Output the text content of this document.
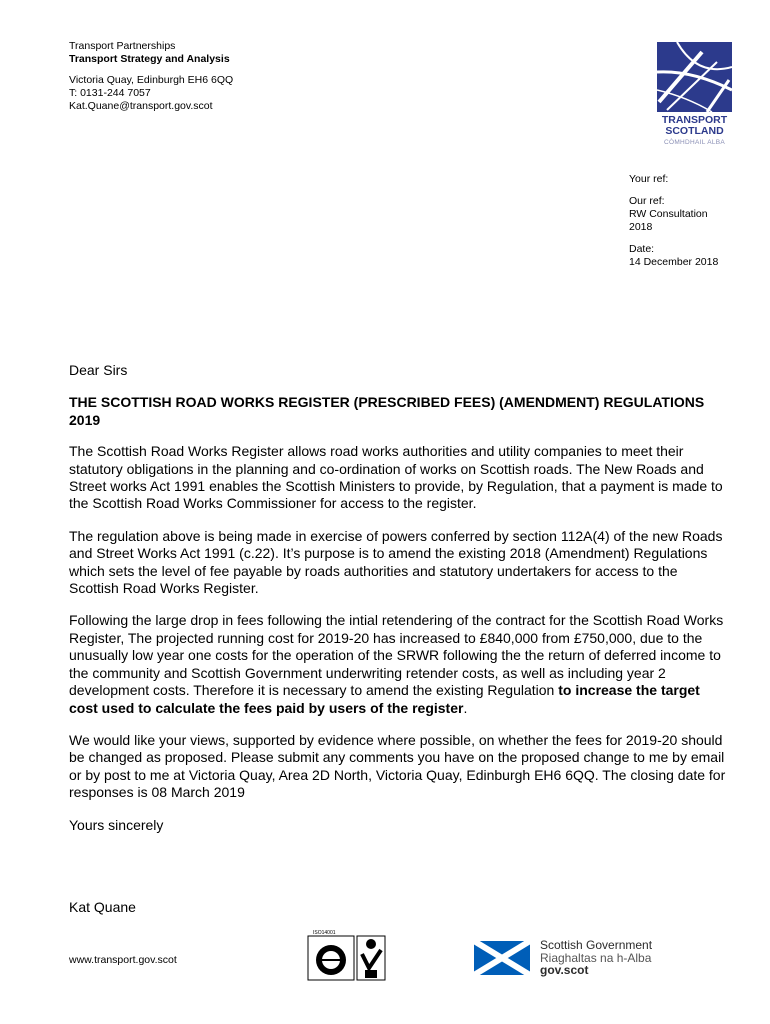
Transport Partnerships
Transport Strategy and Analysis
Victoria Quay, Edinburgh EH6 6QQ
T: 0131-244 7057
Kat.Quane@transport.gov.scot
TRANSPORT
SCOTLAND
CÒMHDHAIL ALBA
Your ref:
Our ref:
RW Consultation
2018
Date:
14 December 2018

Dear Sirs

THE SCOTTISH ROAD WORKS REGISTER (PRESCRIBED FEES) (AMENDMENT) REGULATIONS 2019

The Scottish Road Works Register allows road works authorities and utility companies to meet their statutory obligations in the planning and co-ordination of works on Scottish roads. The New Roads and Street works Act 1991 enables the Scottish Ministers to provide, by Regulation, that a payment is made to the Scottish Road Works Commissioner for access to the register.

The regulation above is being made in exercise of powers conferred by section 112A(4) of the new Roads and Street Works Act 1991 (c.22). It’s purpose is to amend the existing 2018 (Amendment) Regulations which sets the level of fee payable by roads authorities and statutory undertakers for access to the Scottish Road Works Register.

Following the large drop in fees following the intial retendering of the contract for the Scottish Road Works Register, The projected running cost for 2019-20 has increased to £840,000 from £750,000, due to the unusually low year one costs for the operation of the SRWR following the the return of deferred income to the community and Scottish Government underwriting retender costs, as well as including year 2 development costs. Therefore it is necessary to amend the existing Regulation to increase the target cost used to calculate the fees paid by users of the register.

We would like your views, supported by evidence where possible, on whether the fees for 2019-20 should be changed as proposed. Please submit any comments you have on the proposed change to me by email or by post to me at Victoria Quay, Area 2D North, Victoria Quay, Edinburgh EH6 6QQ. The closing date for responses is 08 March 2019

Yours sincerely

Kat Quane
www.transport.gov.scot
ISO14001
Scottish Government
Riaghaltas na h-Alba
gov.scot
